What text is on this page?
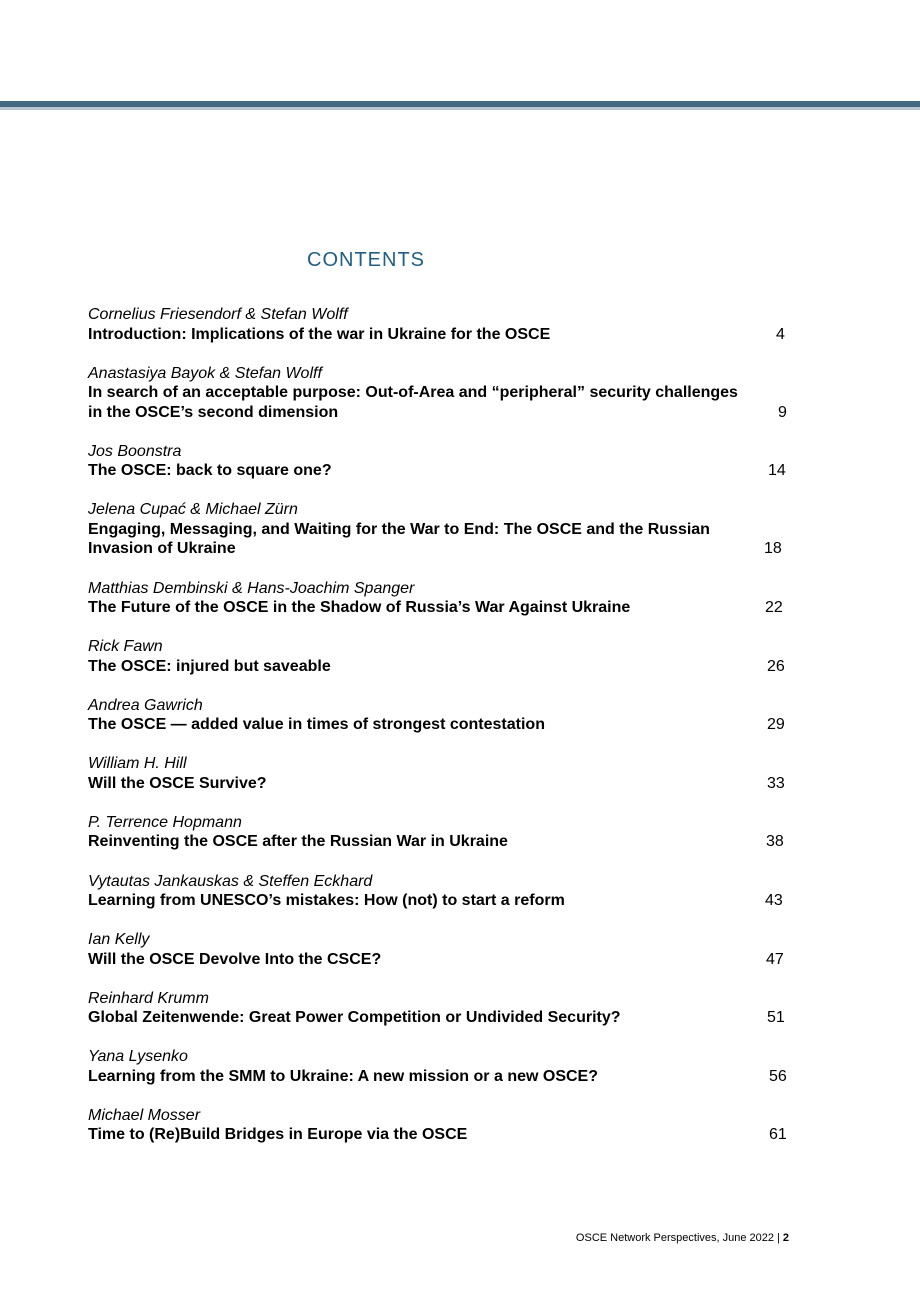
CONTENTS
Cornelius Friesendorf & Stefan Wolff
Introduction: Implications of the war in Ukraine for the OSCE	4
Anastasiya Bayok & Stefan Wolff
In search of an acceptable purpose: Out-of-Area and “peripheral” security challenges
in the OSCE’s second dimension	9
Jos Boonstra
The OSCE: back to square one?	14
Jelena Cupać & Michael Zürn
Engaging, Messaging, and Waiting for the War to End: The OSCE and the Russian
Invasion of Ukraine	18
Matthias Dembinski & Hans-Joachim Spanger
The Future of the OSCE in the Shadow of Russia’s War Against Ukraine	22
Rick Fawn
The OSCE: injured but saveable	26
Andrea Gawrich
The OSCE — added value in times of strongest contestation	29
William H. Hill
Will the OSCE Survive?	33
P. Terrence Hopmann
Reinventing the OSCE after the Russian War in Ukraine	38
Vytautas Jankauskas & Steffen Eckhard
Learning from UNESCO’s mistakes: How (not) to start a reform	43
Ian Kelly
Will the OSCE Devolve Into the CSCE?	47
Reinhard Krumm
Global Zeitenwende: Great Power Competition or Undivided Security?	51
Yana Lysenko
Learning from the SMM to Ukraine: A new mission or a new OSCE?	56
Michael Mosser
Time to (Re)Build Bridges in Europe via the OSCE	61
OSCE Network Perspectives, June 2022 | 2
